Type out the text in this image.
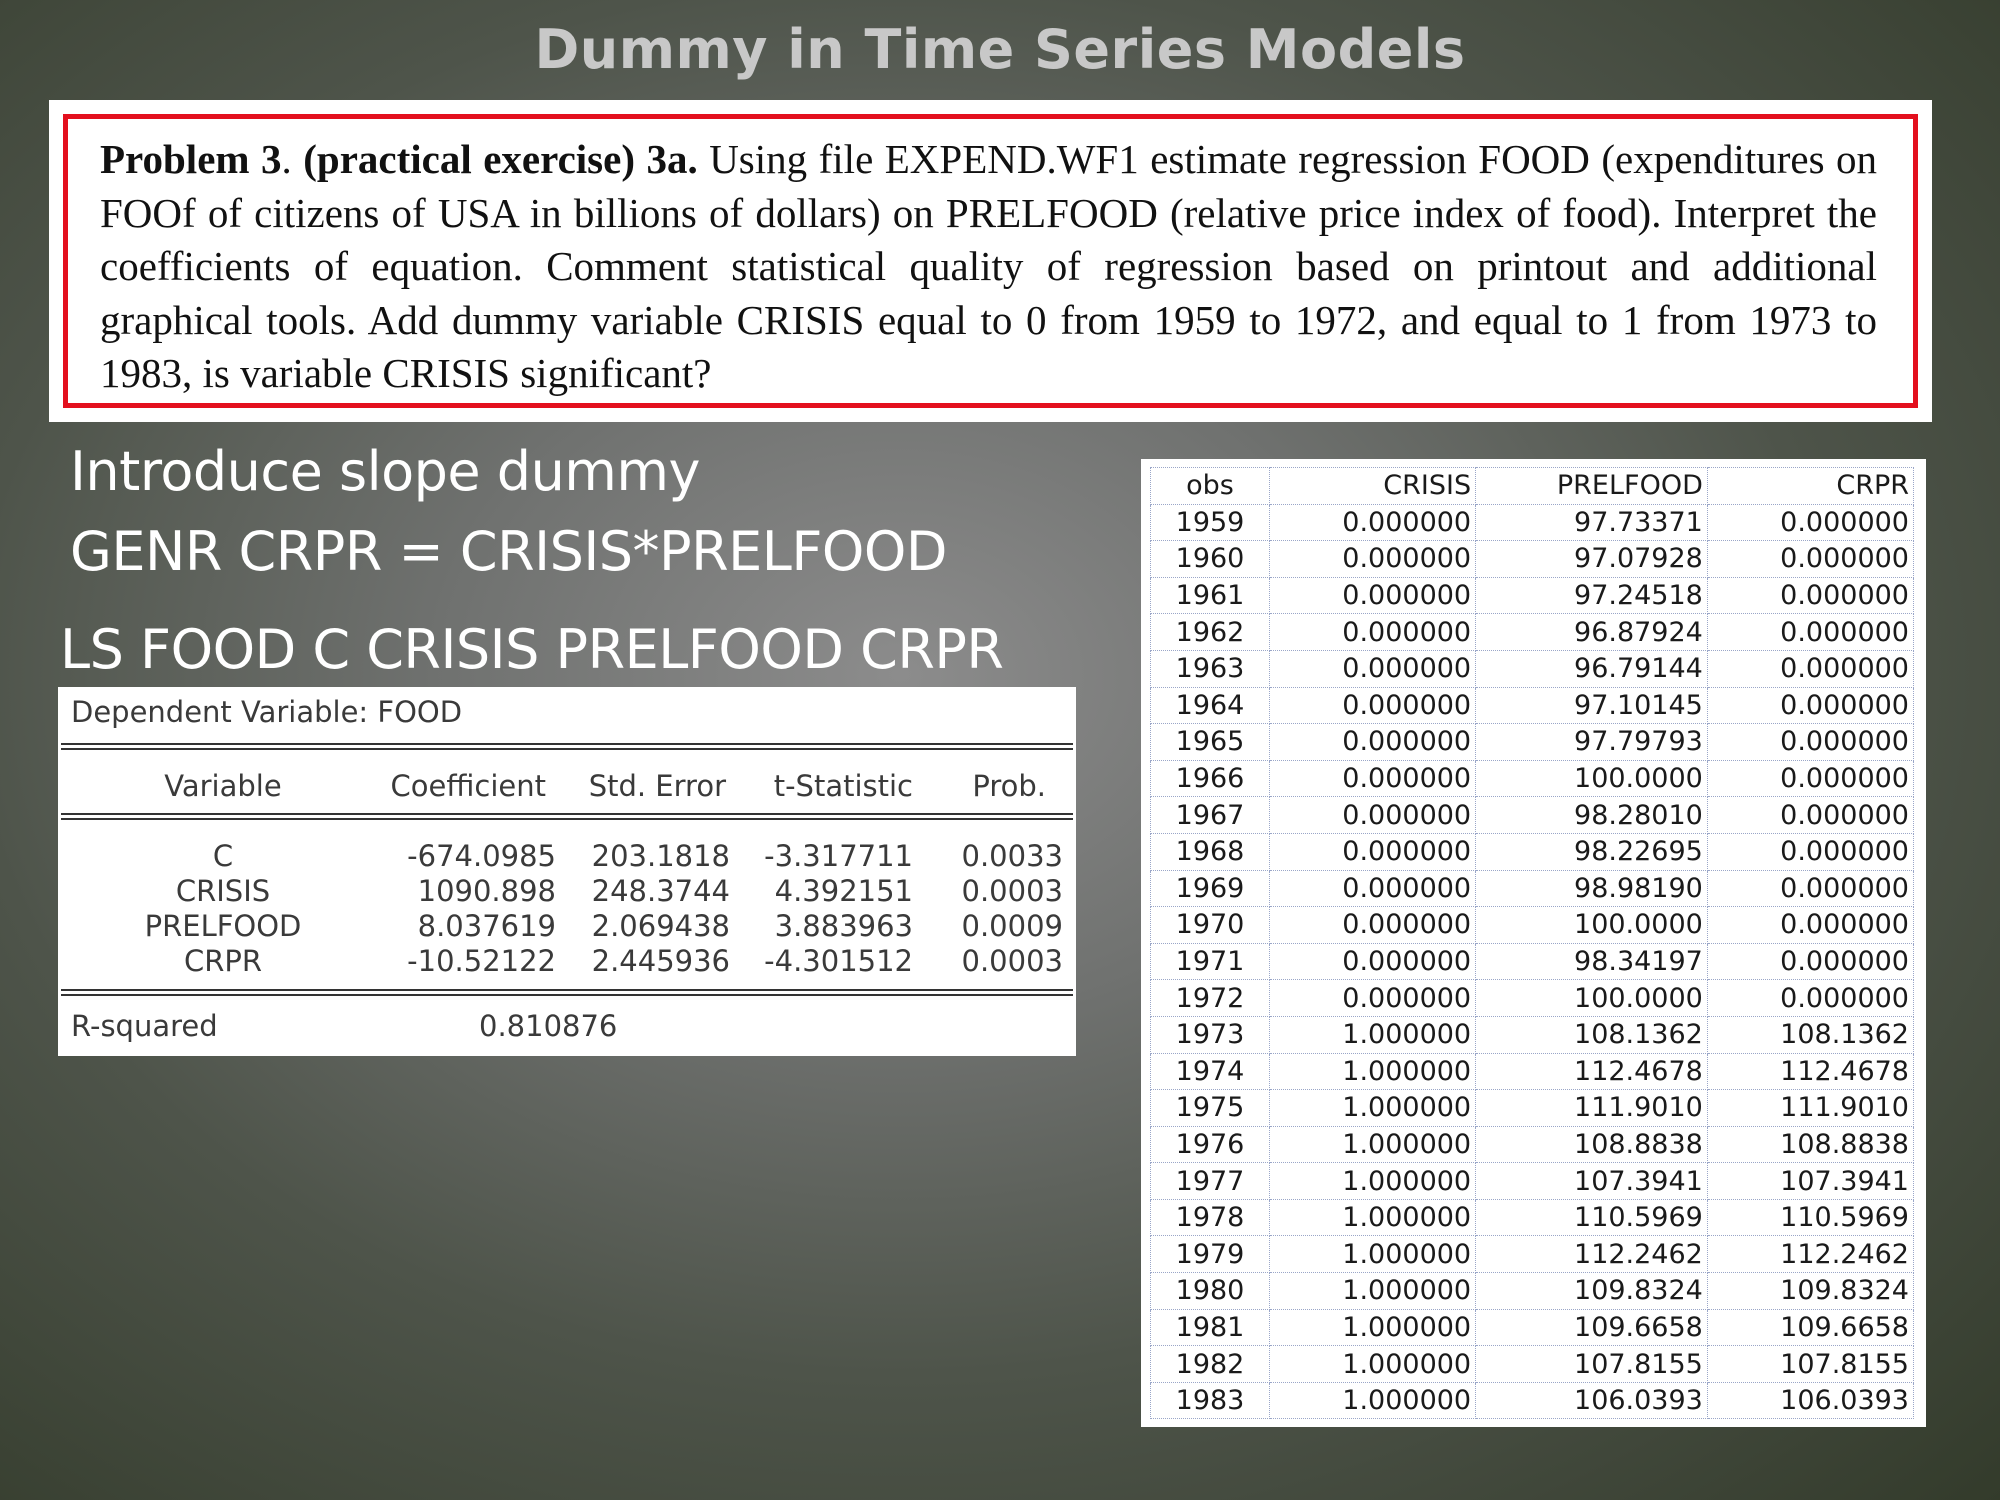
Dummy in Time Series Models
Problem 3. (practical exercise) 3a. Using file EXPEND.WF1 estimate regression FOOD (expenditures on FOOf of citizens of USA in billions of dollars) on PRELFOOD (relative price index of food). Interpret the coefficients of equation. Comment statistical quality of regression based on printout and additional graphical tools. Add dummy variable CRISIS equal to 0 from 1959 to 1972, and equal to 1 from 1973 to 1983, is variable CRISIS significant?
Introduce slope dummy
GENR CRPR = CRISIS*PRELFOOD
LS FOOD C CRISIS PRELFOOD CRPR
Dependent Variable: FOOD
Variable	Coefficient Std. Error t-Statistic Prob.
C	-674.0985 203.1818 -3.317711 0.0033
CRISIS	1090.898 248.3744 4.392151 0.0003
PRELFOOD	8.037619 2.069438 3.883963 0.0009
CRPR	-10.52122 2.445936 -4.301512 0.0003
R-squared	0.810876
obs	CRISIS	PRELFOOD	CRPR
1959	0.000000	97.73371	0.000000
1960	0.000000	97.07928	0.000000
1961	0.000000	97.24518	0.000000
1962	0.000000	96.87924	0.000000
1963	0.000000	96.79144	0.000000
1964	0.000000	97.10145	0.000000
1965	0.000000	97.79793	0.000000
1966	0.000000	100.0000	0.000000
1967	0.000000	98.28010	0.000000
1968	0.000000	98.22695	0.000000
1969	0.000000	98.98190	0.000000
1970	0.000000	100.0000	0.000000
1971	0.000000	98.34197	0.000000
1972	0.000000	100.0000	0.000000
1973	1.000000	108.1362	108.1362
1974	1.000000	112.4678	112.4678
1975	1.000000	111.9010	111.9010
1976	1.000000	108.8838	108.8838
1977	1.000000	107.3941	107.3941
1978	1.000000	110.5969	110.5969
1979	1.000000	112.2462	112.2462
1980	1.000000	109.8324	109.8324
1981	1.000000	109.6658	109.6658
1982	1.000000	107.8155	107.8155
1983	1.000000	106.0393	106.0393
